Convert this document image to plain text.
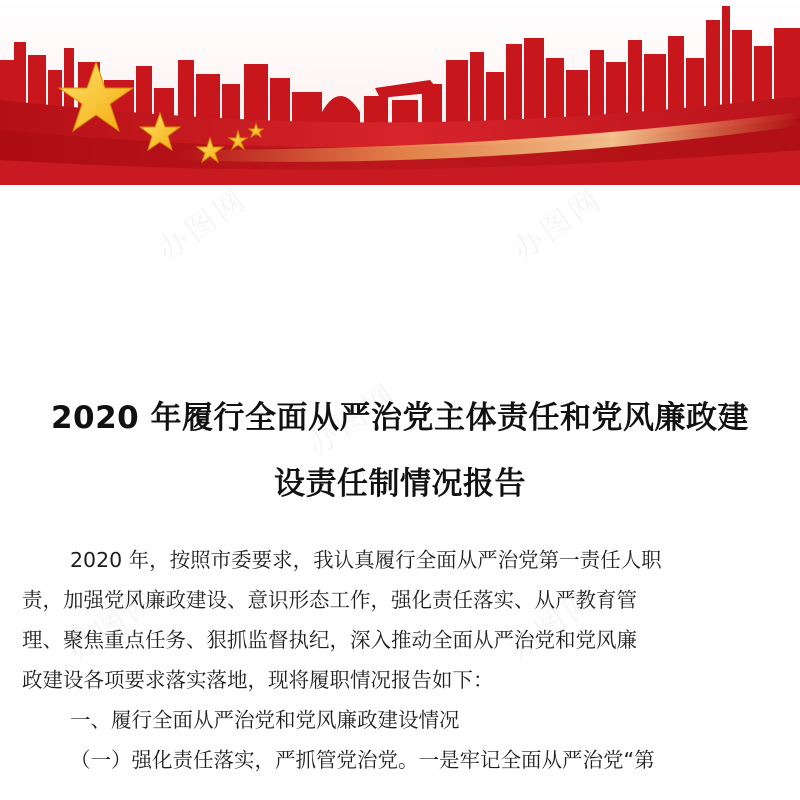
2020 年履行全面从严治党主体责任和党风廉政建
设责任制情况报告
2020 年，按照市委要求，我认真履行全面从严治党第一责任人职
责，加强党风廉政建设、意识形态工作，强化责任落实、从严教育管
理、聚焦重点任务、狠抓监督执纪，深入推动全面从严治党和党风廉
政建设各项要求落实落地，现将履职情况报告如下：
一、履行全面从严治党和党风廉政建设情况
（一）强化责任落实，严抓管党治党。一是牢记全面从严治党“第
